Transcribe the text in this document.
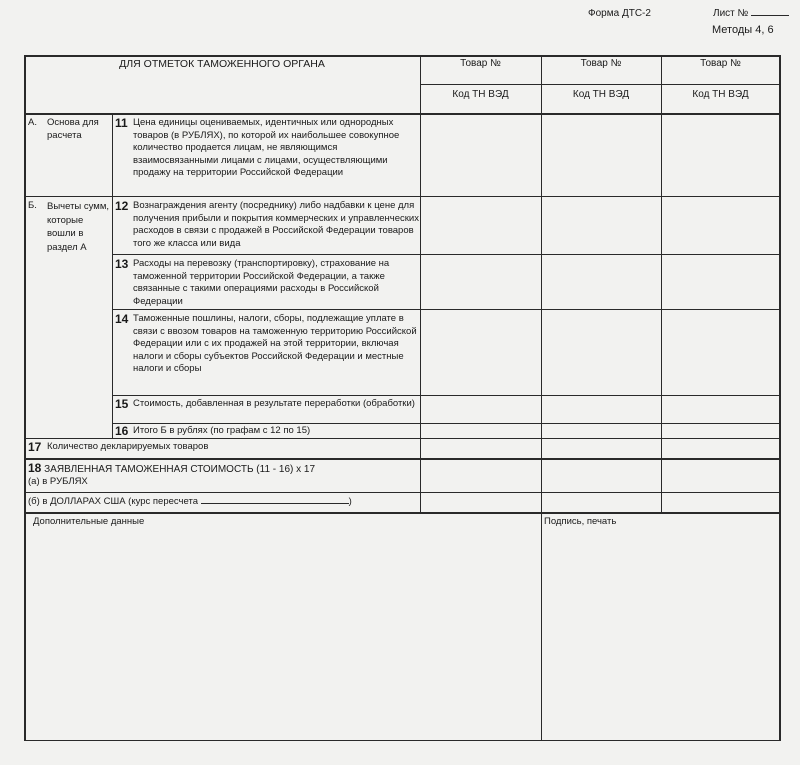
Форма ДТС-2	Лист №
Методы 4, 6
ДЛЯ ОТМЕТОК ТАМОЖЕННОГО ОРГАНА	Товар №	Товар №	Товар №
Код ТН ВЭД	Код ТН ВЭД	Код ТН ВЭД
А. Основа для расчета
11 Цена единицы оцениваемых, идентичных или однородных товаров (в РУБЛЯХ), по которой их наибольшее совокупное количество продается лицам, не являющимся взаимосвязанными лицами с лицами, осуществляющими продажу на территории Российской Федерации
Б. Вычеты сумм, которые вошли в раздел А
12 Вознаграждения агенту (посреднику) либо надбавки к цене для получения прибыли и покрытия коммерческих и управленческих расходов в связи с продажей в Российской Федерации товаров того же класса или вида
13 Расходы на перевозку (транспортировку), страхование на таможенной территории Российской Федерации, а также связанные с такими операциями расходы в Российской Федерации
14 Таможенные пошлины, налоги, сборы, подлежащие уплате в связи с ввозом товаров на таможенную территорию Российской Федерации или с их продажей на этой территории, включая налоги и сборы субъектов Российской Федерации и местные налоги и сборы
15 Стоимость, добавленная в результате переработки (обработки)
16 Итого Б в рублях (по графам с 12 по 15)
17 Количество декларируемых товаров
18 ЗАЯВЛЕННАЯ ТАМОЖЕННАЯ СТОИМОСТЬ (11 - 16) х 17
(а) в РУБЛЯХ
(б) в ДОЛЛАРАХ США (курс пересчета	)
Дополнительные данные	Подпись, печать
